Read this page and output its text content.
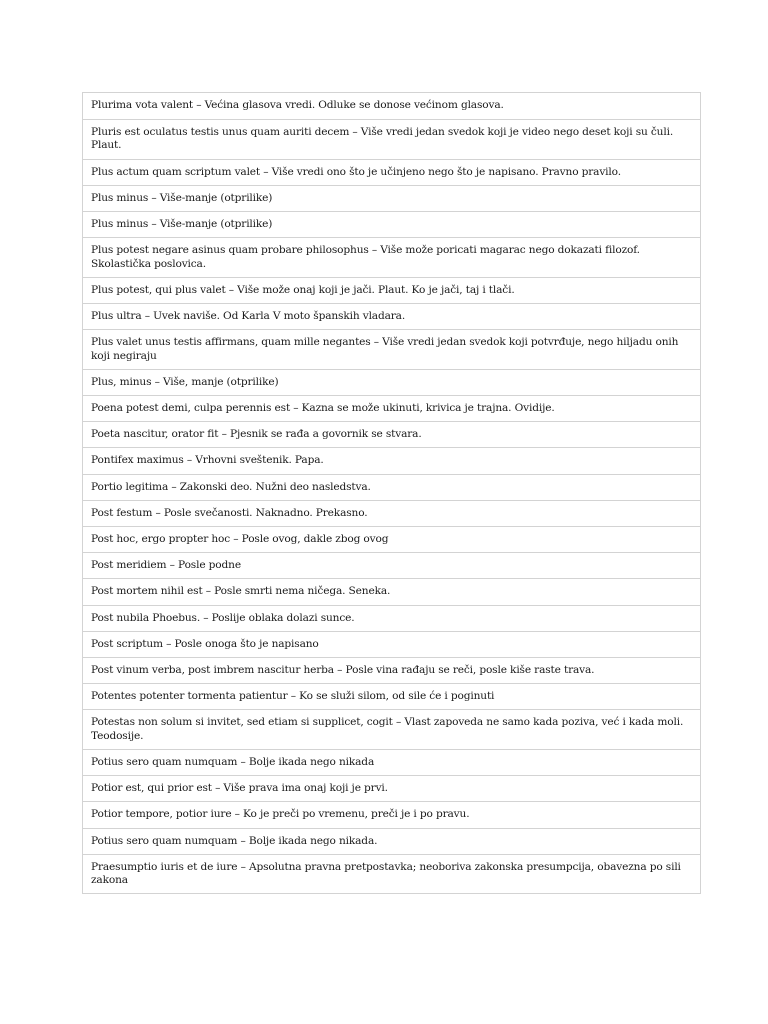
Plurima vota valent – Većina glasova vredi. Odluke se donose većinom glasova.
Pluris est oculatus testis unus quam auriti decem – Više vredi jedan svedok koji je video nego deset koji su čuli. Plaut.
Plus actum quam scriptum valet – Više vredi ono što je učinjeno nego što je napisano. Pravno pravilo.
Plus minus – Više-manje (otprilike)
Plus minus – Više-manje (otprilike)
Plus potest negare asinus quam probare philosophus – Više može poricati magarac nego dokazati filozof. Skolastička poslovica.
Plus potest, qui plus valet – Više može onaj koji je jači. Plaut. Ko je jači, taj i tlači.
Plus ultra – Uvek naviše. Od Karla V moto španskih vladara.
Plus valet unus testis affirmans, quam mille negantes – Više vredi jedan svedok koji potvrđuje, nego hiljadu onih koji negiraju
Plus, minus – Više, manje (otprilike)
Poena potest demi, culpa perennis est – Kazna se može ukinuti, krivica je trajna. Ovidije.
Poeta nascitur, orator fit – Pjesnik se rađa a govornik se stvara.
Pontifex maximus – Vrhovni sveštenik. Papa.
Portio legitima – Zakonski deo. Nužni deo nasledstva.
Post festum – Posle svečanosti. Naknadno. Prekasno.
Post hoc, ergo propter hoc – Posle ovog, dakle zbog ovog
Post meridiem – Posle podne
Post mortem nihil est – Posle smrti nema ničega. Seneka.
Post nubila Phoebus. – Poslije oblaka dolazi sunce.
Post scriptum – Posle onoga što je napisano
Post vinum verba, post imbrem nascitur herba – Posle vina rađaju se reči, posle kiše raste trava.
Potentes potenter tormenta patientur – Ko se služi silom, od sile će i poginuti
Potestas non solum si invitet, sed etiam si supplicet, cogit – Vlast zapoveda ne samo kada poziva, već i kada moli. Teodosije.
Potius sero quam numquam – Bolje ikada nego nikada
Potior est, qui prior est – Više prava ima onaj koji je prvi.
Potior tempore, potior iure – Ko je preči po vremenu, preči je i po pravu.
Potius sero quam numquam – Bolje ikada nego nikada.
Praesumptio iuris et de iure – Apsolutna pravna pretpostavka; neoboriva zakonska presumpcija, obavezna po sili zakona
